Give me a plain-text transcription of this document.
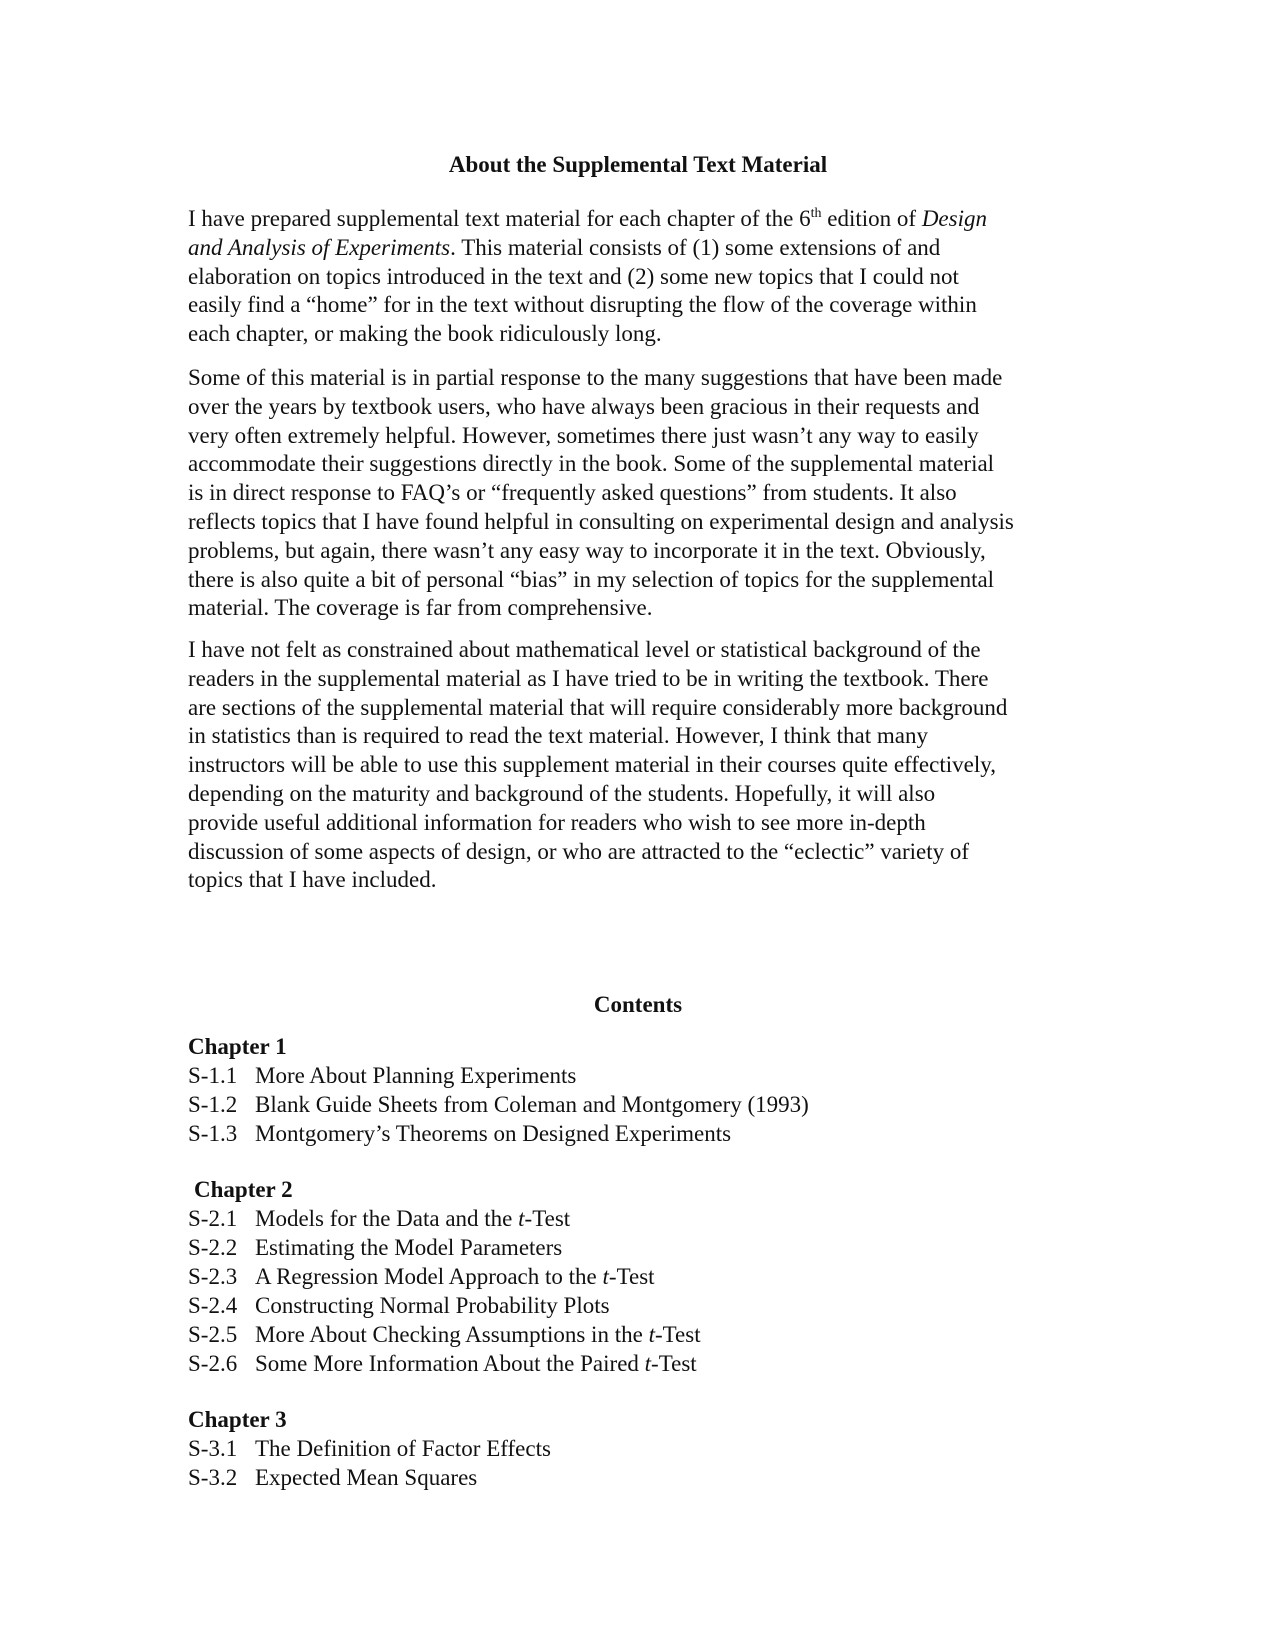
About the Supplemental Text Material

I have prepared supplemental text material for each chapter of the 6th edition of Design
and Analysis of Experiments. This material consists of (1) some extensions of and
elaboration on topics introduced in the text and (2) some new topics that I could not
easily find a “home” for in the text without disrupting the flow of the coverage within
each chapter, or making the book ridiculously long.

Some of this material is in partial response to the many suggestions that have been made
over the years by textbook users, who have always been gracious in their requests and
very often extremely helpful. However, sometimes there just wasn’t any way to easily
accommodate their suggestions directly in the book. Some of the supplemental material
is in direct response to FAQ’s or “frequently asked questions” from students. It also
reflects topics that I have found helpful in consulting on experimental design and analysis
problems, but again, there wasn’t any easy way to incorporate it in the text. Obviously,
there is also quite a bit of personal “bias” in my selection of topics for the supplemental
material. The coverage is far from comprehensive.

I have not felt as constrained about mathematical level or statistical background of the
readers in the supplemental material as I have tried to be in writing the textbook. There
are sections of the supplemental material that will require considerably more background
in statistics than is required to read the text material. However, I think that many
instructors will be able to use this supplement material in their courses quite effectively,
depending on the maturity and background of the students. Hopefully, it will also
provide useful additional information for readers who wish to see more in-depth
discussion of some aspects of design, or who are attracted to the “eclectic” variety of
topics that I have included.

Contents
Chapter 1
S-1.1 More About Planning Experiments
S-1.2 Blank Guide Sheets from Coleman and Montgomery (1993)
S-1.3 Montgomery’s Theorems on Designed Experiments
Chapter 2
S-2.1 Models for the Data and the t-Test
S-2.2 Estimating the Model Parameters
S-2.3 A Regression Model Approach to the t-Test
S-2.4 Constructing Normal Probability Plots
S-2.5 More About Checking Assumptions in the t-Test
S-2.6 Some More Information About the Paired t-Test
Chapter 3
S-3.1 The Definition of Factor Effects
S-3.2 Expected Mean Squares
